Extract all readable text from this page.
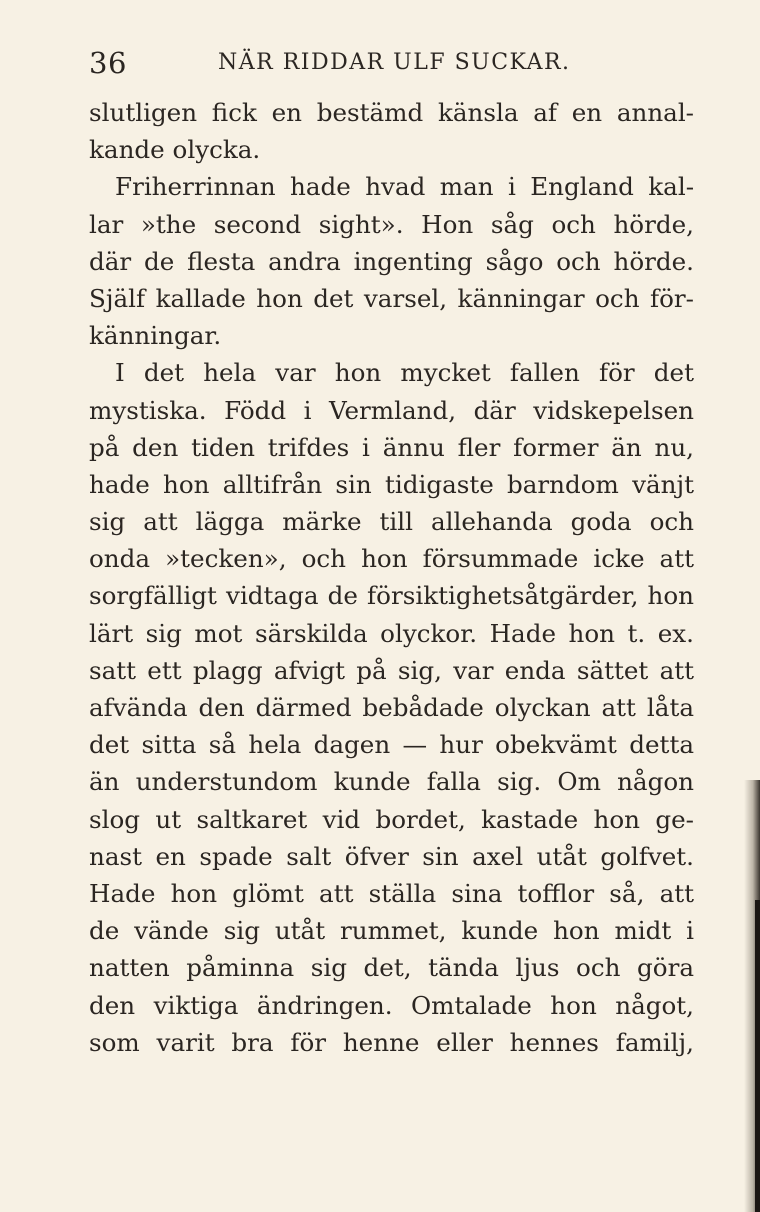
36	NÄR RIDDAR ULF SUCKAR.
slutligen fick en bestämd känsla af en annal-
kande olycka.
Friherrinnan hade hvad man i England kal-
lar »the second sight». Hon såg och hörde,
där de flesta andra ingenting sågo och hörde.
Själf kallade hon det varsel, känningar och för-
känningar.
I det hela var hon mycket fallen för det
mystiska. Född i Vermland, där vidskepelsen
på den tiden trifdes i ännu fler former än nu,
hade hon alltifrån sin tidigaste barndom vänjt
sig att lägga märke till allehanda goda och
onda »tecken», och hon försummade icke att
sorgfälligt vidtaga de försiktighetsåtgärder, hon
lärt sig mot särskilda olyckor. Hade hon t. ex.
satt ett plagg afvigt på sig, var enda sättet att
afvända den därmed bebådade olyckan att låta
det sitta så hela dagen — hur obekvämt detta
än understundom kunde falla sig. Om någon
slog ut saltkaret vid bordet, kastade hon ge-
nast en spade salt öfver sin axel utåt golfvet.
Hade hon glömt att ställa sina tofflor så, att
de vände sig utåt rummet, kunde hon midt i
natten påminna sig det, tända ljus och göra
den viktiga ändringen. Omtalade hon något,
som varit bra för henne eller hennes familj,
